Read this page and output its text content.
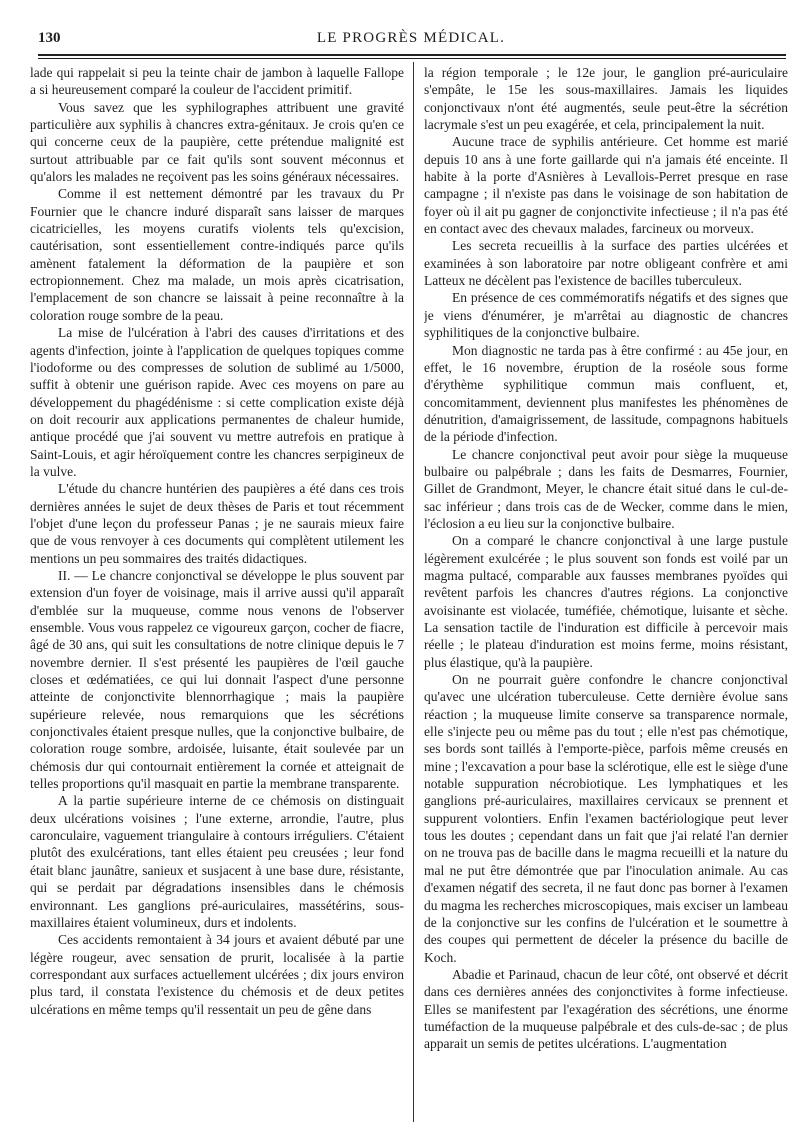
130	LE PROGRÈS MÉDICAL.

lade qui rappelait si peu la teinte chair de jambon à laquelle Fallope a si heureusement comparé la couleur de l'accident primitif.

Vous savez que les syphilographes attribuent une gravité particulière aux syphilis à chancres extra-génitaux. Je crois qu'en ce qui concerne ceux de la paupière, cette prétendue malignité est surtout attribuable par ce fait qu'ils sont souvent méconnus et qu'alors les malades ne reçoivent pas les soins généraux nécessaires.

Comme il est nettement démontré par les travaux du Pr Fournier que le chancre induré disparaît sans laisser de marques cicatricielles, les moyens curatifs violents tels qu'excision, cautérisation, sont essentiellement contre-indiqués parce qu'ils amènent fatalement la déformation de la paupière et son ectropionnement. Chez ma malade, un mois après cicatrisation, l'emplacement de son chancre se laissait à peine reconnaître à la coloration rouge sombre de la peau.

La mise de l'ulcération à l'abri des causes d'irritations et des agents d'infection, jointe à l'application de quelques topiques comme l'iodoforme ou des compresses de solution de sublimé au 1/5000, suffit à obtenir une guérison rapide. Avec ces moyens on pare au développement du phagédénisme : si cette complication existe déjà on doit recourir aux applications permanentes de chaleur humide, antique procédé que j'ai souvent vu mettre autrefois en pratique à Saint-Louis, et agir héroïquement contre les chancres serpigineux de la vulve.

L'étude du chancre huntérien des paupières a été dans ces trois dernières années le sujet de deux thèses de Paris et tout récemment l'objet d'une leçon du professeur Panas ; je ne saurais mieux faire que de vous renvoyer à ces documents qui complètent utilement les mentions un peu sommaires des traités didactiques.

II. — Le chancre conjonctival se développe le plus souvent par extension d'un foyer de voisinage, mais il arrive aussi qu'il apparaît d'emblée sur la muqueuse, comme nous venons de l'observer ensemble. Vous vous rappelez ce vigoureux garçon, cocher de fiacre, âgé de 30 ans, qui suit les consultations de notre clinique depuis le 7 novembre dernier. Il s'est présenté les paupières de l'œil gauche closes et œdématiées, ce qui lui donnait l'aspect d'une personne atteinte de conjonctivite blennorrhagique ; mais la paupière supérieure relevée, nous remarquions que les sécrétions conjonctivales étaient presque nulles, que la conjonctive bulbaire, de coloration rouge sombre, ardoisée, luisante, était soulevée par un chémosis dur qui contournait entièrement la cornée et atteignait de telles proportions qu'il masquait en partie la membrane transparente.

A la partie supérieure interne de ce chémosis on distinguait deux ulcérations voisines ; l'une externe, arrondie, l'autre, plus caronculaire, vaguement triangulaire à contours irréguliers. C'étaient plutôt des exulcérations, tant elles étaient peu creusées ; leur fond était blanc jaunâtre, sanieux et susjacent à une base dure, résistante, qui se perdait par dégradations insensibles dans le chémosis environnant. Les ganglions pré-auriculaires, massétérins, sous-maxillaires étaient volumineux, durs et indolents.

Ces accidents remontaient à 34 jours et avaient débuté par une légère rougeur, avec sensation de prurit, localisée à la partie correspondant aux surfaces actuellement ulcérées ; dix jours environ plus tard, il constata l'existence du chémosis et de deux petites ulcérations en même temps qu'il ressentait un peu de gêne dans

la région temporale ; le 12e jour, le ganglion pré-auriculaire s'empâte, le 15e les sous-maxillaires. Jamais les liquides conjonctivaux n'ont été augmentés, seule peut-être la sécrétion lacrymale s'est un peu exagérée, et cela, principalement la nuit.

Aucune trace de syphilis antérieure. Cet homme est marié depuis 10 ans à une forte gaillarde qui n'a jamais été enceinte. Il habite à la porte d'Asnières à Levallois-Perret presque en rase campagne ; il n'existe pas dans le voisinage de son habitation de foyer où il ait pu gagner de conjonctivite infectieuse ; il n'a pas été en contact avec des chevaux malades, farcineux ou morveux.

Les secreta recueillis à la surface des parties ulcérées et examinées à son laboratoire par notre obligeant confrère et ami Latteux ne décèlent pas l'existence de bacilles tuberculeux.

En présence de ces commémoratifs négatifs et des signes que je viens d'énumérer, je m'arrêtai au diagnostic de chancres syphilitiques de la conjonctive bulbaire.

Mon diagnostic ne tarda pas à être confirmé : au 45e jour, en effet, le 16 novembre, éruption de la roséole sous forme d'érythème syphilitique commun mais confluent, et, concomitamment, deviennent plus manifestes les phénomènes de dénutrition, d'amaigrissement, de lassitude, compagnons habituels de la période d'infection.

Le chancre conjonctival peut avoir pour siège la muqueuse bulbaire ou palpébrale ; dans les faits de Desmarres, Fournier, Gillet de Grandmont, Meyer, le chancre était situé dans le cul-de-sac inférieur ; dans trois cas de de Wecker, comme dans le mien, l'éclosion a eu lieu sur la conjonctive bulbaire.

On a comparé le chancre conjonctival à une large pustule légèrement exulcérée ; le plus souvent son fonds est voilé par un magma pultacé, comparable aux fausses membranes pyoïdes qui revêtent parfois les chancres d'autres régions. La conjonctive avoisinante est violacée, tuméfiée, chémotique, luisante et sèche. La sensation tactile de l'induration est difficile à percevoir mais réelle ; le plateau d'induration est moins ferme, moins résistant, plus élastique, qu'à la paupière.

On ne pourrait guère confondre le chancre conjonctival qu'avec une ulcération tuberculeuse. Cette dernière évolue sans réaction ; la muqueuse limite conserve sa transparence normale, elle s'injecte peu ou même pas du tout ; elle n'est pas chémotique, ses bords sont taillés à l'emporte-pièce, parfois même creusés en mine ; l'excavation a pour base la sclérotique, elle est le siège d'une notable suppuration nécrobiotique. Les lymphatiques et les ganglions pré-auriculaires, maxillaires cervicaux se prennent et suppurent volontiers. Enfin l'examen bactériologique peut lever tous les doutes ; cependant dans un fait que j'ai relaté l'an dernier on ne trouva pas de bacille dans le magma recueilli et la nature du mal ne put être démontrée que par l'inoculation animale. Au cas d'examen négatif des secreta, il ne faut donc pas borner à l'examen du magma les recherches microscopiques, mais exciser un lambeau de la conjonctive sur les confins de l'ulcération et le soumettre à des coupes qui permettent de déceler la présence du bacille de Koch.

Abadie et Parinaud, chacun de leur côté, ont observé et décrit dans ces dernières années des conjonctivites à forme infectieuse. Elles se manifestent par l'exagération des sécrétions, une énorme tuméfaction de la muqueuse palpébrale et des culs-de-sac ; de plus apparait un semis de petites ulcérations. L'augmentation
